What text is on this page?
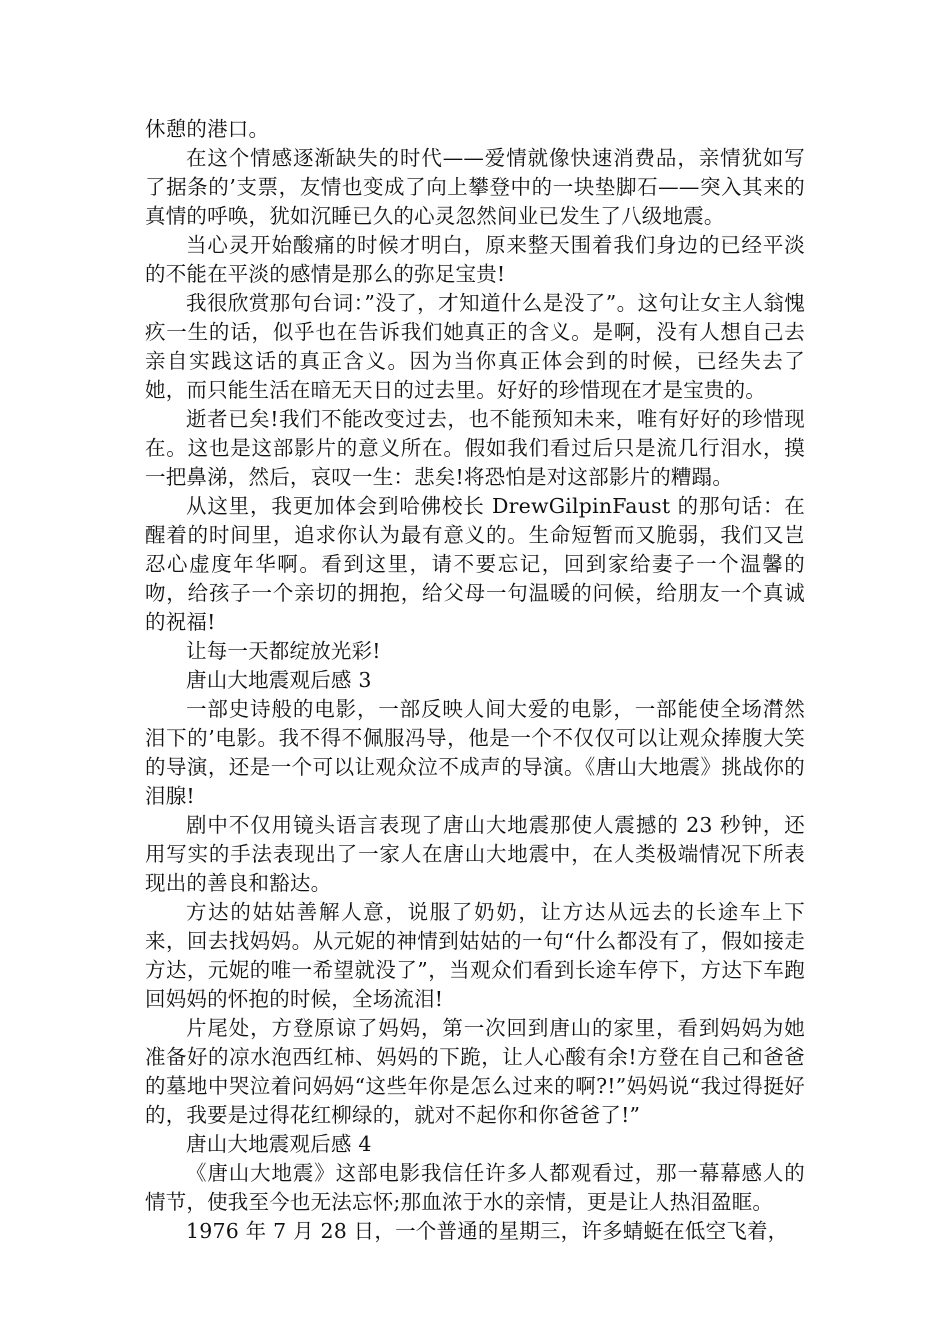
休憩的港口。

在这个情感逐渐缺失的时代——爱情就像快速消费品，亲情犹如写了据条的’支票，友情也变成了向上攀登中的一块垫脚石——突入其来的真情的呼唤，犹如沉睡已久的心灵忽然间业已发生了八级地震。

当心灵开始酸痛的时候才明白，原来整天围着我们身边的已经平淡的不能在平淡的感情是那么的弥足宝贵!

我很欣赏那句台词：”没了，才知道什么是没了”。这句让女主人翁愧疚一生的话，似乎也在告诉我们她真正的含义。是啊，没有人想自己去亲自实践这话的真正含义。因为当你真正体会到的时候，已经失去了她，而只能生活在暗无天日的过去里。好好的珍惜现在才是宝贵的。

逝者已矣!我们不能改变过去，也不能预知未来，唯有好好的珍惜现在。这也是这部影片的意义所在。假如我们看过后只是流几行泪水，摸一把鼻涕，然后，哀叹一生：悲矣!将恐怕是对这部影片的糟蹋。

从这里，我更加体会到哈佛校长 DrewGilpinFaust 的那句话：在醒着的时间里，追求你认为最有意义的。生命短暂而又脆弱，我们又岂忍心虚度年华啊。看到这里，请不要忘记，回到家给妻子一个温馨的吻，给孩子一个亲切的拥抱，给父母一句温暖的问候，给朋友一个真诚的祝福!

让每一天都绽放光彩!

唐山大地震观后感 3

一部史诗般的电影，一部反映人间大爱的电影，一部能使全场潸然泪下的’电影。我不得不佩服冯导，他是一个不仅仅可以让观众捧腹大笑的导演，还是一个可以让观众泣不成声的导演。《唐山大地震》挑战你的泪腺!

剧中不仅用镜头语言表现了唐山大地震那使人震撼的 23 秒钟，还用写实的手法表现出了一家人在唐山大地震中，在人类极端情况下所表现出的善良和豁达。

方达的姑姑善解人意，说服了奶奶，让方达从远去的长途车上下来，回去找妈妈。从元妮的神情到姑姑的一句“什么都没有了，假如接走方达，元妮的唯一希望就没了”，当观众们看到长途车停下，方达下车跑回妈妈的怀抱的时候，全场流泪!

片尾处，方登原谅了妈妈，第一次回到唐山的家里，看到妈妈为她准备好的凉水泡西红柿、妈妈的下跪，让人心酸有余!方登在自己和爸爸的墓地中哭泣着问妈妈“这些年你是怎么过来的啊?!”妈妈说“我过得挺好的，我要是过得花红柳绿的，就对不起你和你爸爸了!”

唐山大地震观后感 4

《唐山大地震》这部电影我信任许多人都观看过，那一幕幕感人的情节，使我至今也无法忘怀;那血浓于水的亲情，更是让人热泪盈眶。

1976 年 7 月 28 日，一个普通的星期三，许多蜻蜓在低空飞着，
